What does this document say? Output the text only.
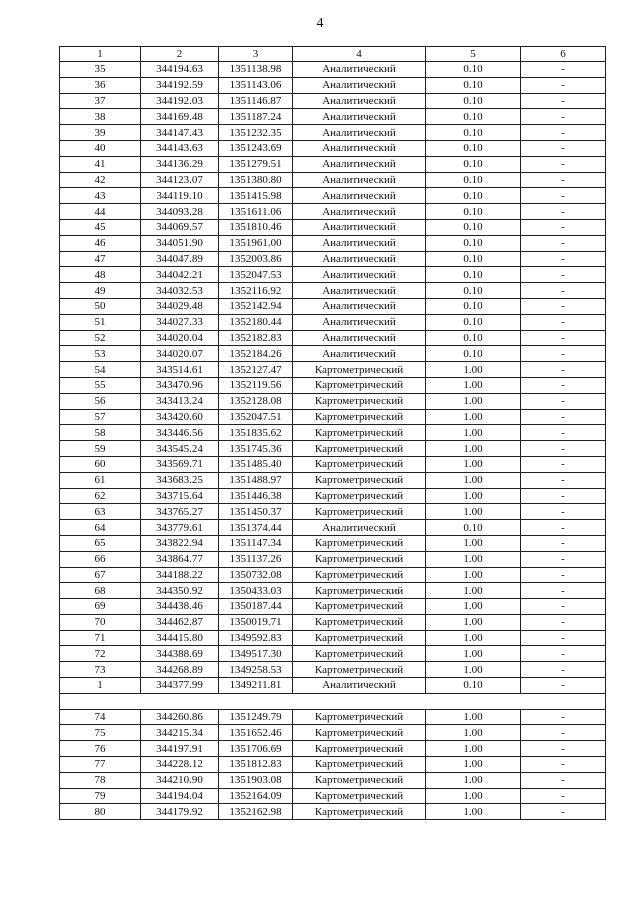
4
1	2	3	4	5	6
35	344194.63	1351138.98	Аналитический	0.10	-
36	344192.59	1351143.06	Аналитический	0.10	-
37	344192.03	1351146.87	Аналитический	0.10	-
38	344169.48	1351187.24	Аналитический	0.10	-
39	344147.43	1351232.35	Аналитический	0.10	-
40	344143.63	1351243.69	Аналитический	0.10	-
41	344136.29	1351279.51	Аналитический	0.10	-
42	344123.07	1351380.80	Аналитический	0.10	-
43	344119.10	1351415.98	Аналитический	0.10	-
44	344093.28	1351611.06	Аналитический	0.10	-
45	344069.57	1351810.46	Аналитический	0.10	-
46	344051.90	1351961.00	Аналитический	0.10	-
47	344047.89	1352003.86	Аналитический	0.10	-
48	344042.21	1352047.53	Аналитический	0.10	-
49	344032.53	1352116.92	Аналитический	0.10	-
50	344029.48	1352142.94	Аналитический	0.10	-
51	344027.33	1352180.44	Аналитический	0.10	-
52	344020.04	1352182.83	Аналитический	0.10	-
53	344020.07	1352184.26	Аналитический	0.10	-
54	343514.61	1352127.47	Картометрический	1.00	-
55	343470.96	1352119.56	Картометрический	1.00	-
56	343413.24	1352128.08	Картометрический	1.00	-
57	343420.60	1352047.51	Картометрический	1.00	-
58	343446.56	1351835.62	Картометрический	1.00	-
59	343545.24	1351745.36	Картометрический	1.00	-
60	343569.71	1351485.40	Картометрический	1.00	-
61	343683.25	1351488.97	Картометрический	1.00	-
62	343715.64	1351446.38	Картометрический	1.00	-
63	343765.27	1351450.37	Картометрический	1.00	-
64	343779.61	1351374.44	Аналитический	0.10	-
65	343822.94	1351147.34	Картометрический	1.00	-
66	343864.77	1351137.26	Картометрический	1.00	-
67	344188.22	1350732.08	Картометрический	1.00	-
68	344350.92	1350433.03	Картометрический	1.00	-
69	344438.46	1350187.44	Картометрический	1.00	-
70	344462.87	1350019.71	Картометрический	1.00	-
71	344415.80	1349592.83	Картометрический	1.00	-
72	344388.69	1349517.30	Картометрический	1.00	-
73	344268.89	1349258.53	Картометрический	1.00	-
1	344377.99	1349211.81	Аналитический	0.10	-

74	344260.86	1351249.79	Картометрический	1.00	-
75	344215.34	1351652.46	Картометрический	1.00	-
76	344197.91	1351706.69	Картометрический	1.00	-
77	344228.12	1351812.83	Картометрический	1.00	-
78	344210.90	1351903.08	Картометрический	1.00	-
79	344194.04	1352164.09	Картометрический	1.00	-
80	344179.92	1352162.98	Картометрический	1.00	-
